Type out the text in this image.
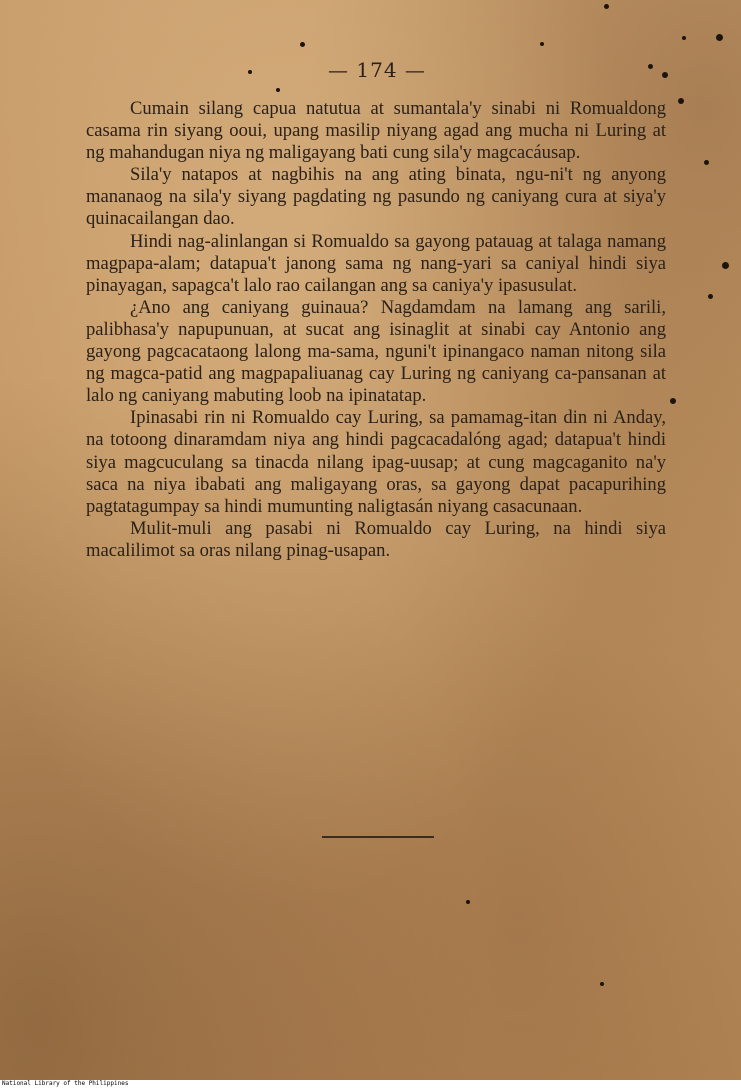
— 174 —

Cumain silang capua natutua at sumantala'y sinabi ni Romualdong casama rin siyang ooui, upang masilip niyang agad ang mucha ni Luring at ng mahandugan niya ng maligayang bati cung sila'y magcacáusap.

Sila'y natapos at nagbihis na ang ating binata, ngu-ni't ng anyong mananaog na sila'y siyang pagdating ng pasundo ng caniyang cura at siya'y quinacailangan dao.

Hindi nag-alinlangan si Romualdo sa gayong patauag at talaga namang magpapa-alam; datapua't janong sama ng nang-yari sa caniyal hindi siya pinayagan, sapagca't lalo rao cailangan ang sa caniya'y ipasusulat.

¿Ano ang caniyang guinaua? Nagdamdam na lamang ang sarili, palibhasa'y napupunuan, at sucat ang isinaglit at sinabi cay Antonio ang gayong pagcacataong lalong ma-sama, nguni't ipinangaco naman nitong sila ng magca-patid ang magpapaliuanag cay Luring ng caniyang ca-pansanan at lalo ng caniyang mabuting loob na ipinatatap.

Ipinasabi rin ni Romualdo cay Luring, sa pamamag-itan din ni Anday, na totoong dinaramdam niya ang hindi pagcacadalóng agad; datapua't hindi siya magcuculang sa tinacda nilang ipag-uusap; at cung magcaganito na'y saca na niya ibabati ang maligayang oras, sa gayong dapat pacapurihing pagtatagumpay sa hindi mumunting naligtasán niyang casacunaan.

Mulit-muli ang pasabi ni Romualdo cay Luring, na hindi siya macalilimot sa oras nilang pinag-usapan.

National Library of the Philippines
